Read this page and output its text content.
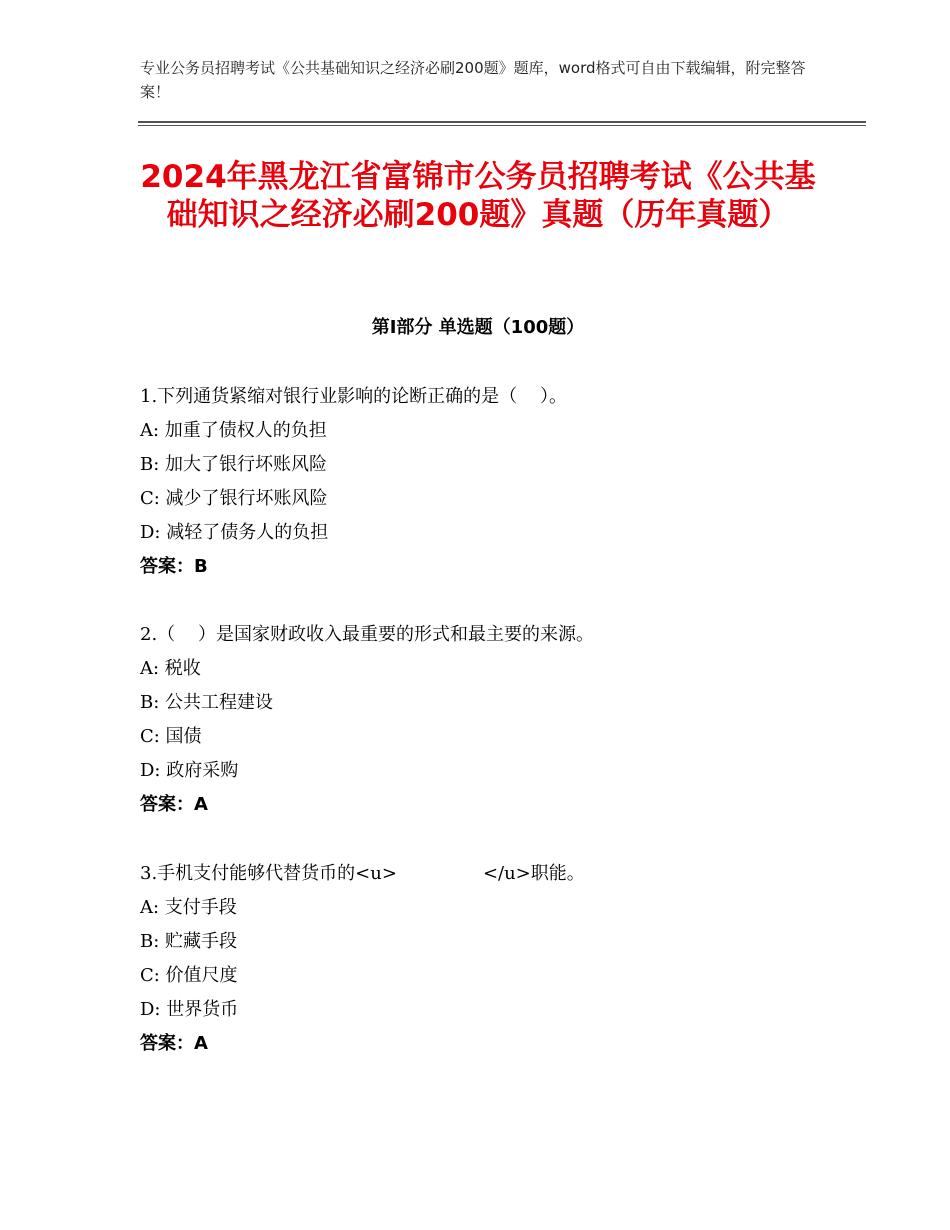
专业公务员招聘考试《公共基础知识之经济必刷200题》题库，word格式可自由下载编辑，附完整答案！
2024年黑龙江省富锦市公务员招聘考试《公共基础知识之经济必刷200题》真题（历年真题）
第I部分 单选题（100题）
1.下列通货紧缩对银行业影响的论断正确的是（    ）。
A: 加重了债权人的负担
B: 加大了银行坏账风险
C: 减少了银行坏账风险
D: 减轻了债务人的负担
答案：B
2.（    ）是国家财政收入最重要的形式和最主要的来源。
A: 税收
B: 公共工程建设
C: 国债
D: 政府采购
答案：A
3.手机支付能够代替货币的<u>	</u>职能。
A: 支付手段
B: 贮藏手段
C: 价值尺度
D: 世界货币
答案：A
